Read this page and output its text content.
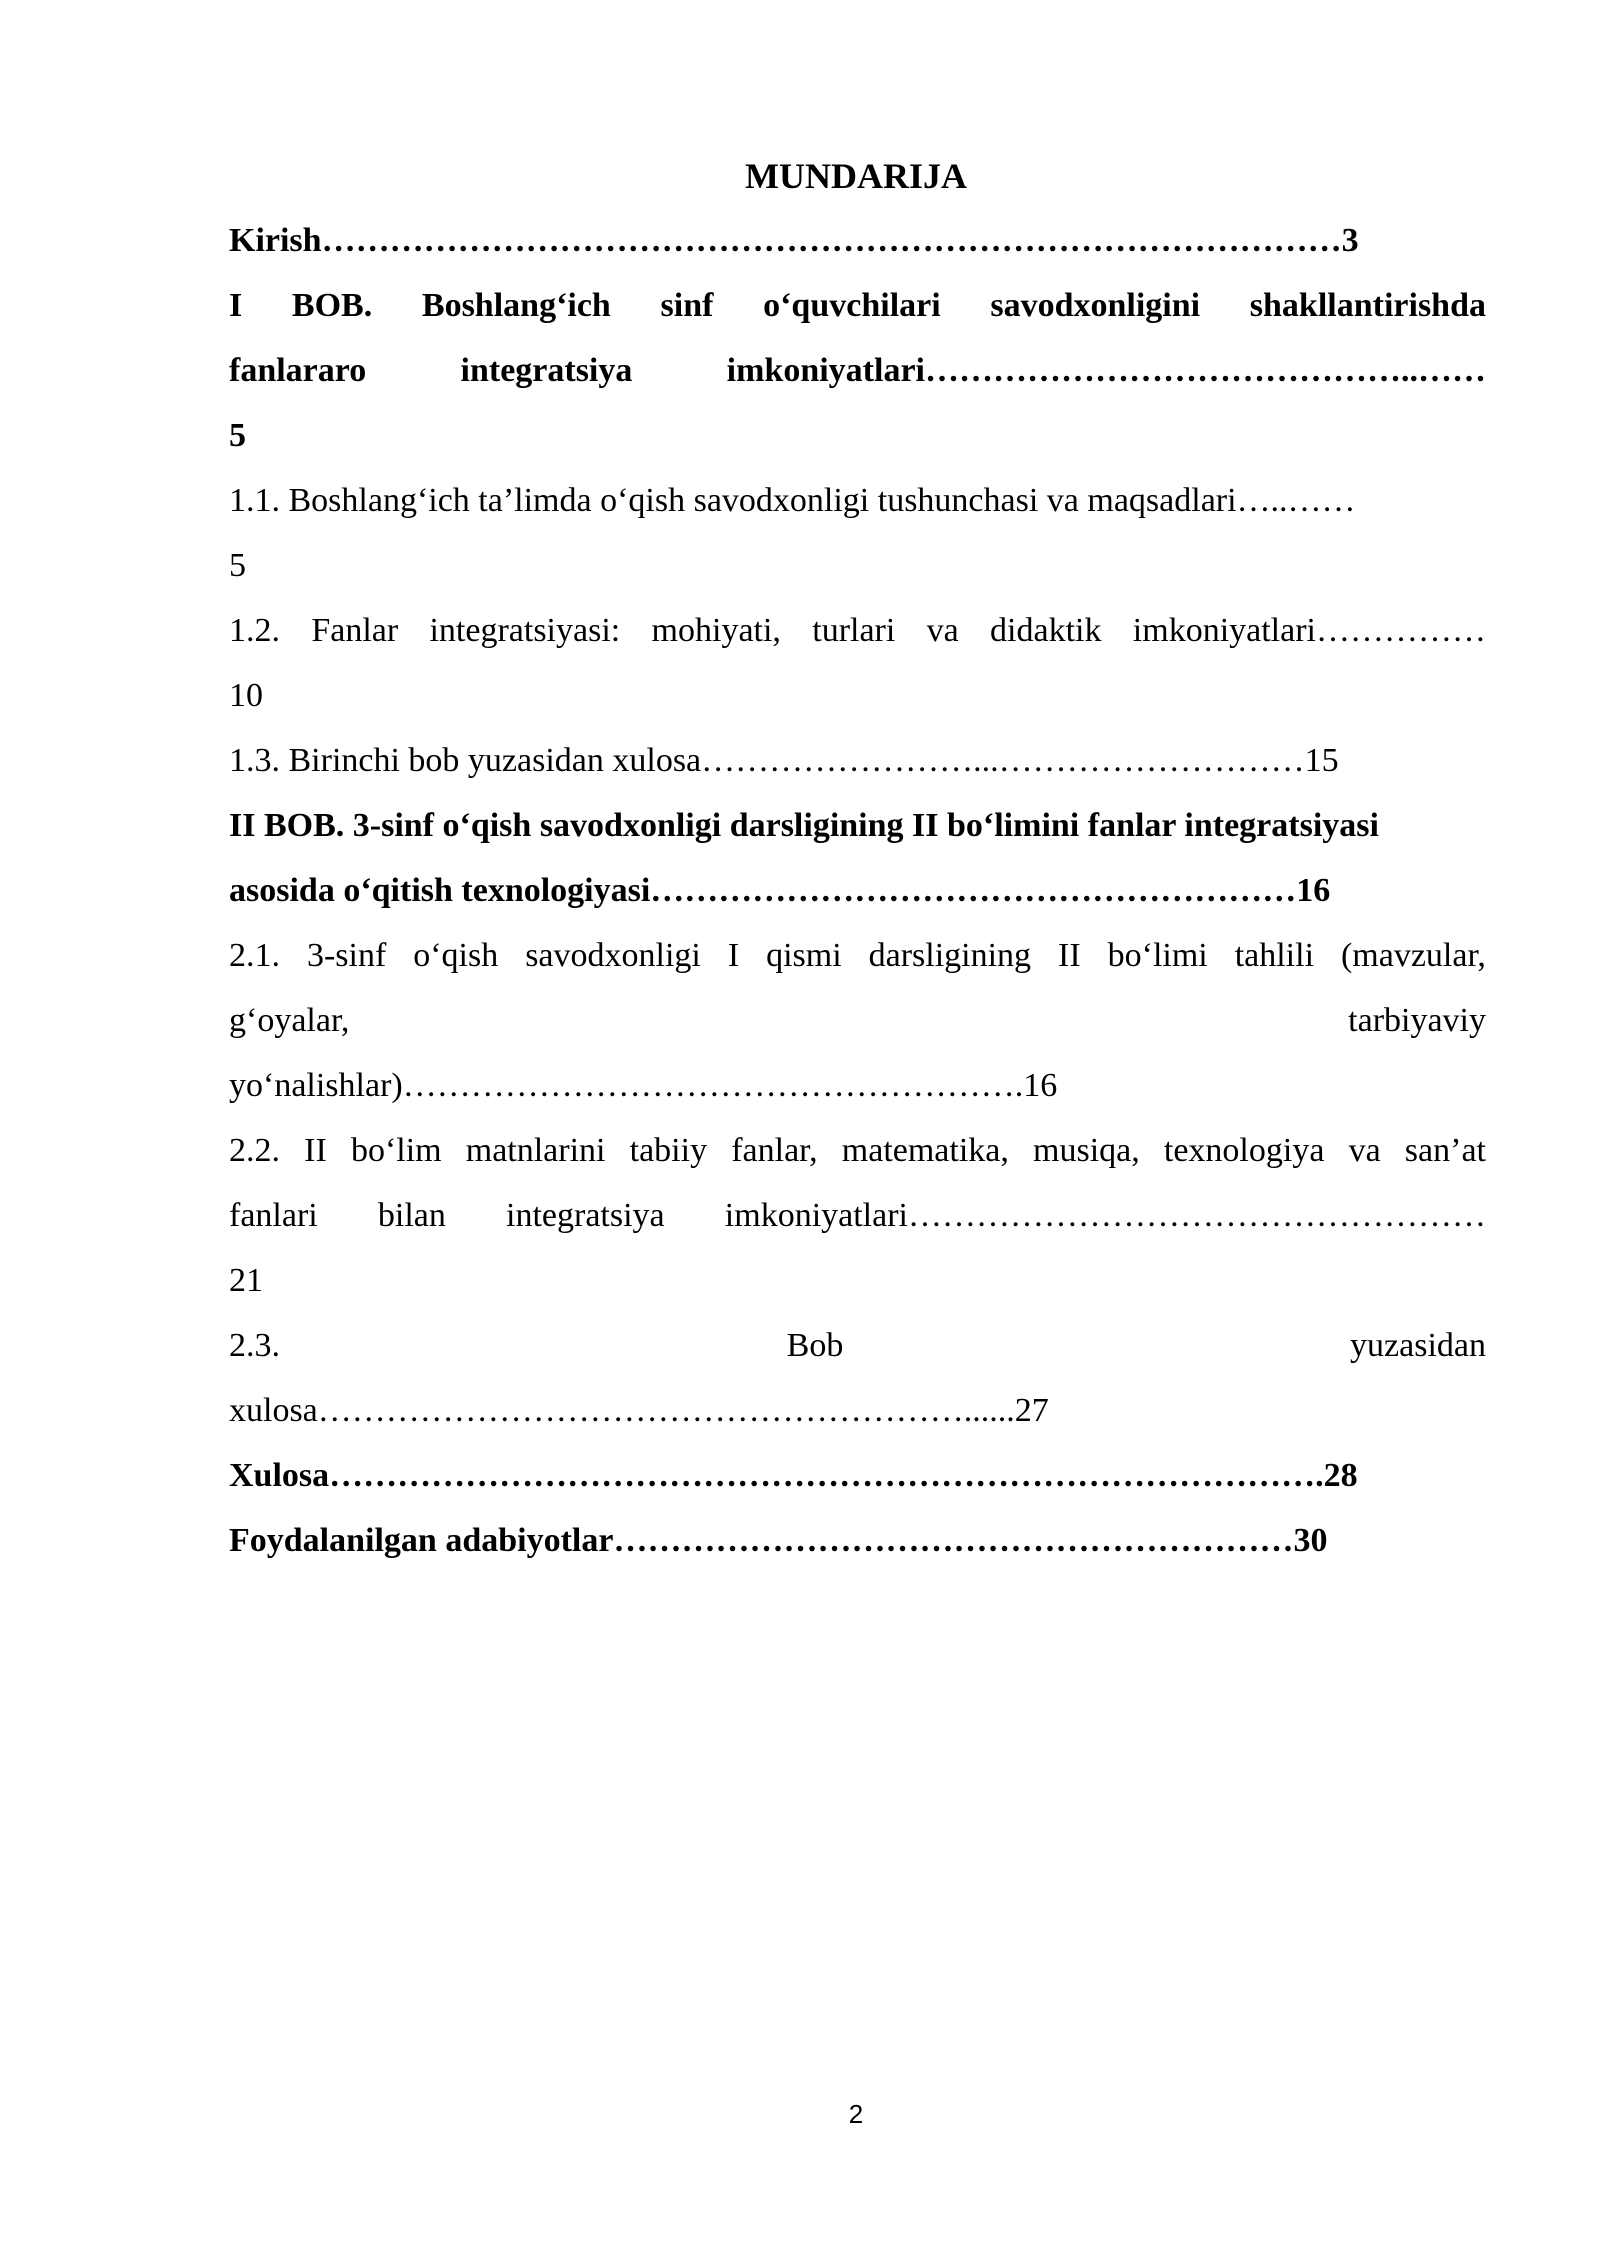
MUNDARIJA
Kirish………………………………………………………………………………3
I BOB. Boshlang‘ich sinf o‘quvchilari savodxonligini shakllantirishda
fanlararo	integratsiya	imkoniyatlari……………………………………..……
5
1.1. Boshlang‘ich ta’limda o‘qish savodxonligi tushunchasi va maqsadlari…..……
5
1.2. Fanlar integratsiyasi: mohiyati, turlari va didaktik imkoniyatlari……………
10
1.3. Birinchi bob yuzasidan xulosa……………………...………………………15
II BOB. 3-sinf o‘qish savodxonligi darsligining II bo‘limini fanlar integratsiyasi
asosida o‘qitish texnologiyasi…………………………………………………16
2.1. 3-sinf o‘qish savodxonligi I qismi darsligining II bo‘limi tahlili (mavzular,
g‘oyalar,	tarbiyaviy
yo‘nalishlar)……………………………………………….16
2.2. II bo‘lim matnlarini tabiiy fanlar, matematika, musiqa, texnologiya va san’at
fanlari bilan integratsiya imkoniyatlari……………………………………………
21
2.3.	Bob	yuzasidan
xulosa…………………………………………………......27
Xulosa…………………………………………………………………………….28
Foydalanilgan adabiyotlar……………………………………………………30
2
